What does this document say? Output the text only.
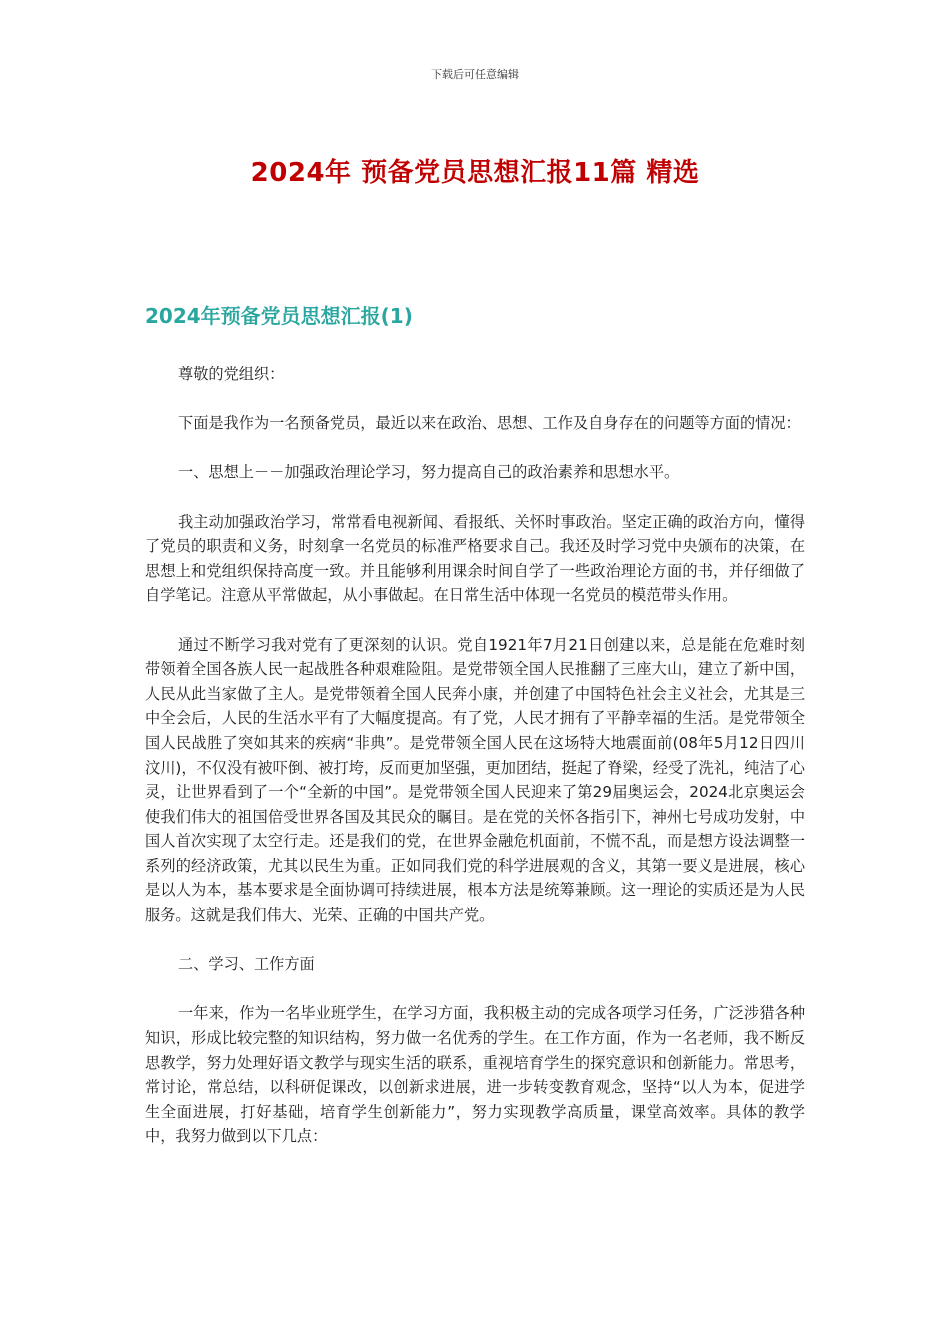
下载后可任意编辑
2024年 预备党员思想汇报11篇 精选
2024年预备党员思想汇报(1)

尊敬的党组织：

下面是我作为一名预备党员，最近以来在政治、思想、工作及自身存在的问题等方面的情况：

一、思想上－－加强政治理论学习，努力提高自己的政治素养和思想水平。

我主动加强政治学习，常常看电视新闻、看报纸、关怀时事政治。坚定正确的政治方向，懂得了党员的职责和义务，时刻拿一名党员的标准严格要求自己。我还及时学习党中央颁布的决策，在思想上和党组织保持高度一致。并且能够利用课余时间自学了一些政治理论方面的书，并仔细做了自学笔记。注意从平常做起，从小事做起。在日常生活中体现一名党员的模范带头作用。

通过不断学习我对党有了更深刻的认识。党自1921年7月21日创建以来，总是能在危难时刻带领着全国各族人民一起战胜各种艰难险阻。是党带领全国人民推翻了三座大山，建立了新中国，人民从此当家做了主人。是党带领着全国人民奔小康，并创建了中国特色社会主义社会，尤其是三中全会后，人民的生活水平有了大幅度提高。有了党，人民才拥有了平静幸福的生活。是党带领全国人民战胜了突如其来的疾病“非典”。是党带领全国人民在这场特大地震面前(08年5月12日四川汶川)，不仅没有被吓倒、被打垮，反而更加坚强，更加团结，挺起了脊梁，经受了洗礼，纯洁了心灵，让世界看到了一个“全新的中国”。是党带领全国人民迎来了第29届奥运会，2024北京奥运会使我们伟大的祖国倍受世界各国及其民众的瞩目。是在党的关怀各指引下，神州七号成功发射，中国人首次实现了太空行走。还是我们的党，在世界金融危机面前，不慌不乱，而是想方设法调整一系列的经济政策，尤其以民生为重。正如同我们党的科学进展观的含义，其第一要义是进展，核心是以人为本，基本要求是全面协调可持续进展，根本方法是统筹兼顾。这一理论的实质还是为人民服务。这就是我们伟大、光荣、正确的中国共产党。

二、学习、工作方面

一年来，作为一名毕业班学生，在学习方面，我积极主动的完成各项学习任务，广泛涉猎各种知识，形成比较完整的知识结构，努力做一名优秀的学生。在工作方面，作为一名老师，我不断反思教学，努力处理好语文教学与现实生活的联系，重视培育学生的探究意识和创新能力。常思考，常讨论，常总结，以科研促课改，以创新求进展，进一步转变教育观念，坚持“以人为本，促进学生全面进展，打好基础，培育学生创新能力”，努力实现教学高质量，课堂高效率。具体的教学中，我努力做到以下几点：
